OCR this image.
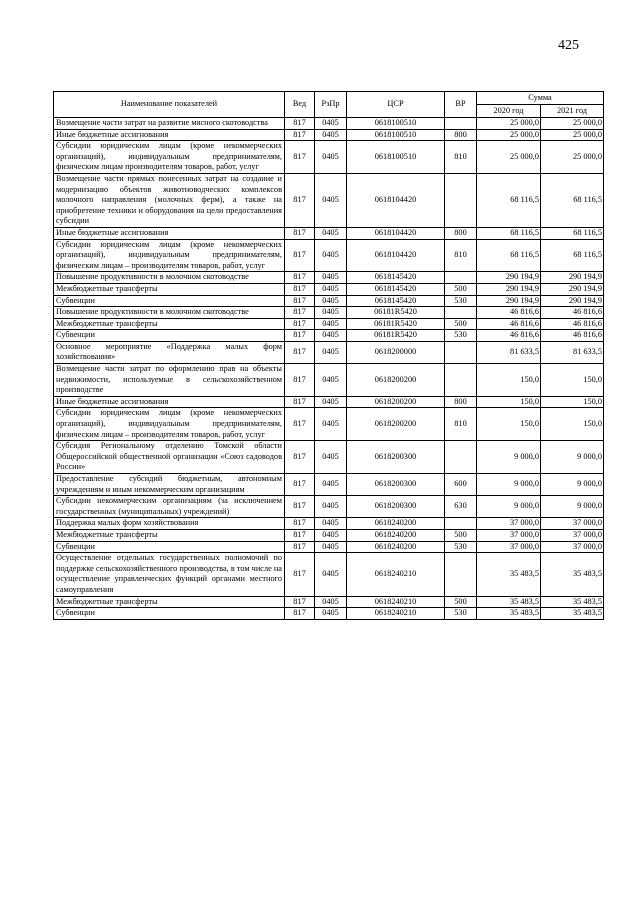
425
Наименование показателей	Вед	РзПр	ЦСР	ВР	Сумма	
					2020 год	2021 год
Возмещение части затрат на развитие мясного скотоводства	817	0405	0618100510		25 000,0	25 000,0
Иные бюджетные ассигнования	817	0405	0618100510	800	25 000,0	25 000,0
Субсидии юридическим лицам (кроме некоммерческих организаций), индивидуальным предпринимателям, физическим лицам производителям товаров, работ, услуг	817	0405	0618100510	810	25 000,0	25 000,0
Возмещение части прямых понесенных затрат на создание и модернизацию объектов животноводческих комплексов молочного направления (молочных ферм), а также на приобретение техники и оборудования на цели предоставления субсидии	817	0405	0618104420		68 116,5	68 116,5
Иные бюджетные ассигнования	817	0405	0618104420	800	68 116,5	68 116,5
Субсидии юридическим лицам (кроме некоммерческих организаций), индивидуальным предпринимателям, физическим лицам – производителям товаров, работ, услуг	817	0405	0618104420	810	68 116,5	68 116,5
Повышение продуктивности в молочном скотоводстве	817	0405	0618145420		290 194,9	290 194,9
Межбюджетные трансферты	817	0405	0618145420	500	290 194,9	290 194,9
Субвенции	817	0405	0618145420	530	290 194,9	290 194,9
Повышение продуктивности в молочном скотоводстве	817	0405	06181R5420		46 816,6	46 816,6
Межбюджетные трансферты	817	0405	06181R5420	500	46 816,6	46 816,6
Субвенции	817	0405	06181R5420	530	46 816,6	46 816,6
Основное мероприятие «Поддержка малых форм хозяйствования»	817	0405	0618200000		81 633,5	81 633,5
Возмещение части затрат по оформлению прав на объекты недвижимости, используемые в сельскохозяйственном производстве	817	0405	0618200200		150,0	150,0
Иные бюджетные ассигнования	817	0405	0618200200	800	150,0	150,0
Субсидии юридическим лицам (кроме некоммерческих организаций), индивидуальным предпринимателям, физическим лицам – производителям товаров, работ, услуг	817	0405	0618200200	810	150,0	150,0
Субсидия Региональному отделению Томской области Общероссийской общественной организации «Союз садоводов России»	817	0405	0618200300		9 000,0	9 000,0
Предоставление субсидий бюджетным, автономным учреждениям и иным некоммерческим организациям	817	0405	0618200300	600	9 000,0	9 000,0
Субсидии некоммерческим организациям (за исключением государственных (муниципальных) учреждений)	817	0405	0618200300	630	9 000,0	9 000,0
Поддержка малых форм хозяйствования	817	0405	0618240200		37 000,0	37 000,0
Межбюджетные трансферты	817	0405	0618240200	500	37 000,0	37 000,0
Субвенции	817	0405	0618240200	530	37 000,0	37 000,0
Осуществление отдельных государственных полномочий по поддержке сельскохозяйственного производства, в том числе на осуществление управленческих функций органами местного самоуправления	817	0405	0618240210		35 483,5	35 483,5
Межбюджетные трансферты	817	0405	0618240210	500	35 483,5	35 483,5
Субвенции	817	0405	0618240210	530	35 483,5	35 483,5
